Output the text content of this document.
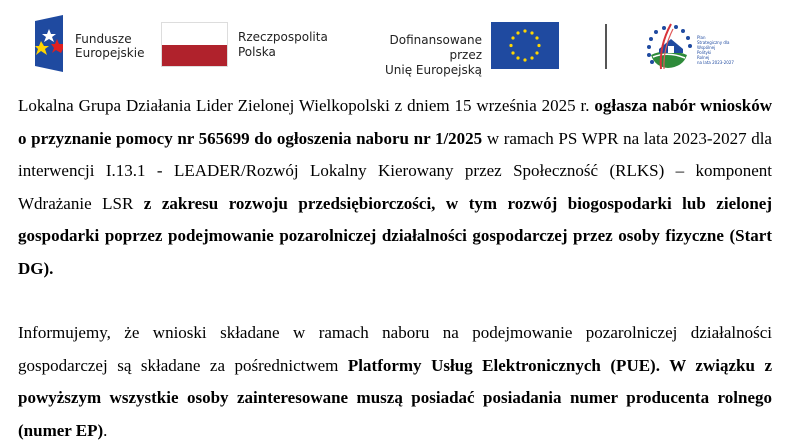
Fundusze
Europejskie
Rzeczpospolita
Polska
Dofinansowane przez
Unię Europejską
Plan
Strategiczny dla
Wspólnej
Polityki
Rolnej
na lata 2023-2027

Lokalna Grupa Działania Lider Zielonej Wielkopolski z dniem 15 września 2025 r. ogłasza nabór wniosków o przyznanie pomocy nr 565699 do ogłoszenia naboru nr 1/2025 w ramach PS WPR na lata 2023-2027 dla interwencji I.13.1 - LEADER/Rozwój Lokalny Kierowany przez Społeczność (RLKS) – komponent Wdrażanie LSR z zakresu rozwoju przedsiębiorczości, w tym rozwój biogospodarki lub zielonej gospodarki poprzez podejmowanie pozarolniczej działalności gospodarczej przez osoby fizyczne (Start DG).

Informujemy, że wnioski składane w ramach naboru na podejmowanie pozarolniczej działalności gospodarczej są składane za pośrednictwem Platformy Usług Elektronicznych (PUE). W związku z powyższym wszystkie osoby zainteresowane muszą posiadać posiadania numer producenta rolnego (numer EP).
